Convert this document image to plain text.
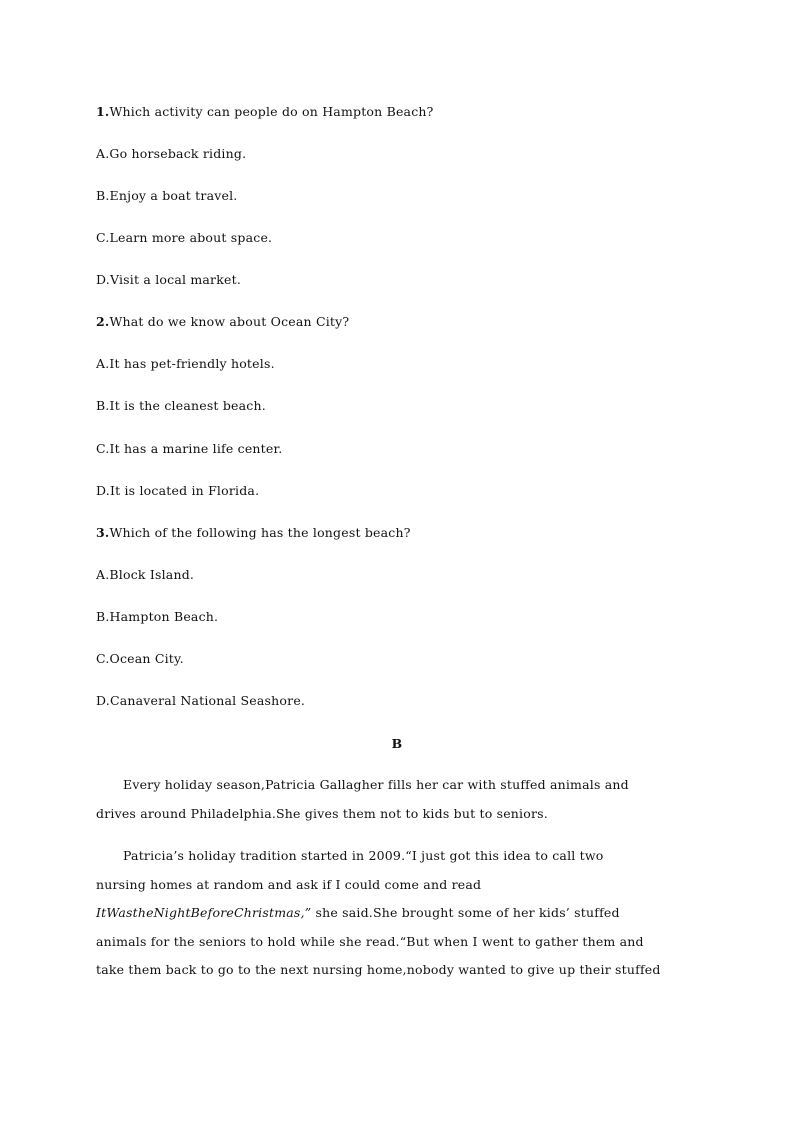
1.Which activity can people do on Hampton Beach?
A.Go horseback riding.
B.Enjoy a boat travel.
C.Learn more about space.
D.Visit a local market.
2.What do we know about Ocean City?
A.It has pet-friendly hotels.
B.It is the cleanest beach.
C.It has a marine life center.
D.It is located in Florida.
3.Which of the following has the longest beach?
A.Block Island.
B.Hampton Beach.
C.Ocean City.
D.Canaveral National Seashore.
B
Every holiday season,Patricia Gallagher fills her car with stuffed animals and
drives around Philadelphia.She gives them not to kids but to seniors.
Patricia’s holiday tradition started in 2009.“I just got this idea to call two
nursing homes at random and ask if I could come and read
ItWastheNightBeforeChristmas,” she said.She brought some of her kids’ stuffed
animals for the seniors to hold while she read.“But when I went to gather them and
take them back to go to the next nursing home,nobody wanted to give up their stuffed
